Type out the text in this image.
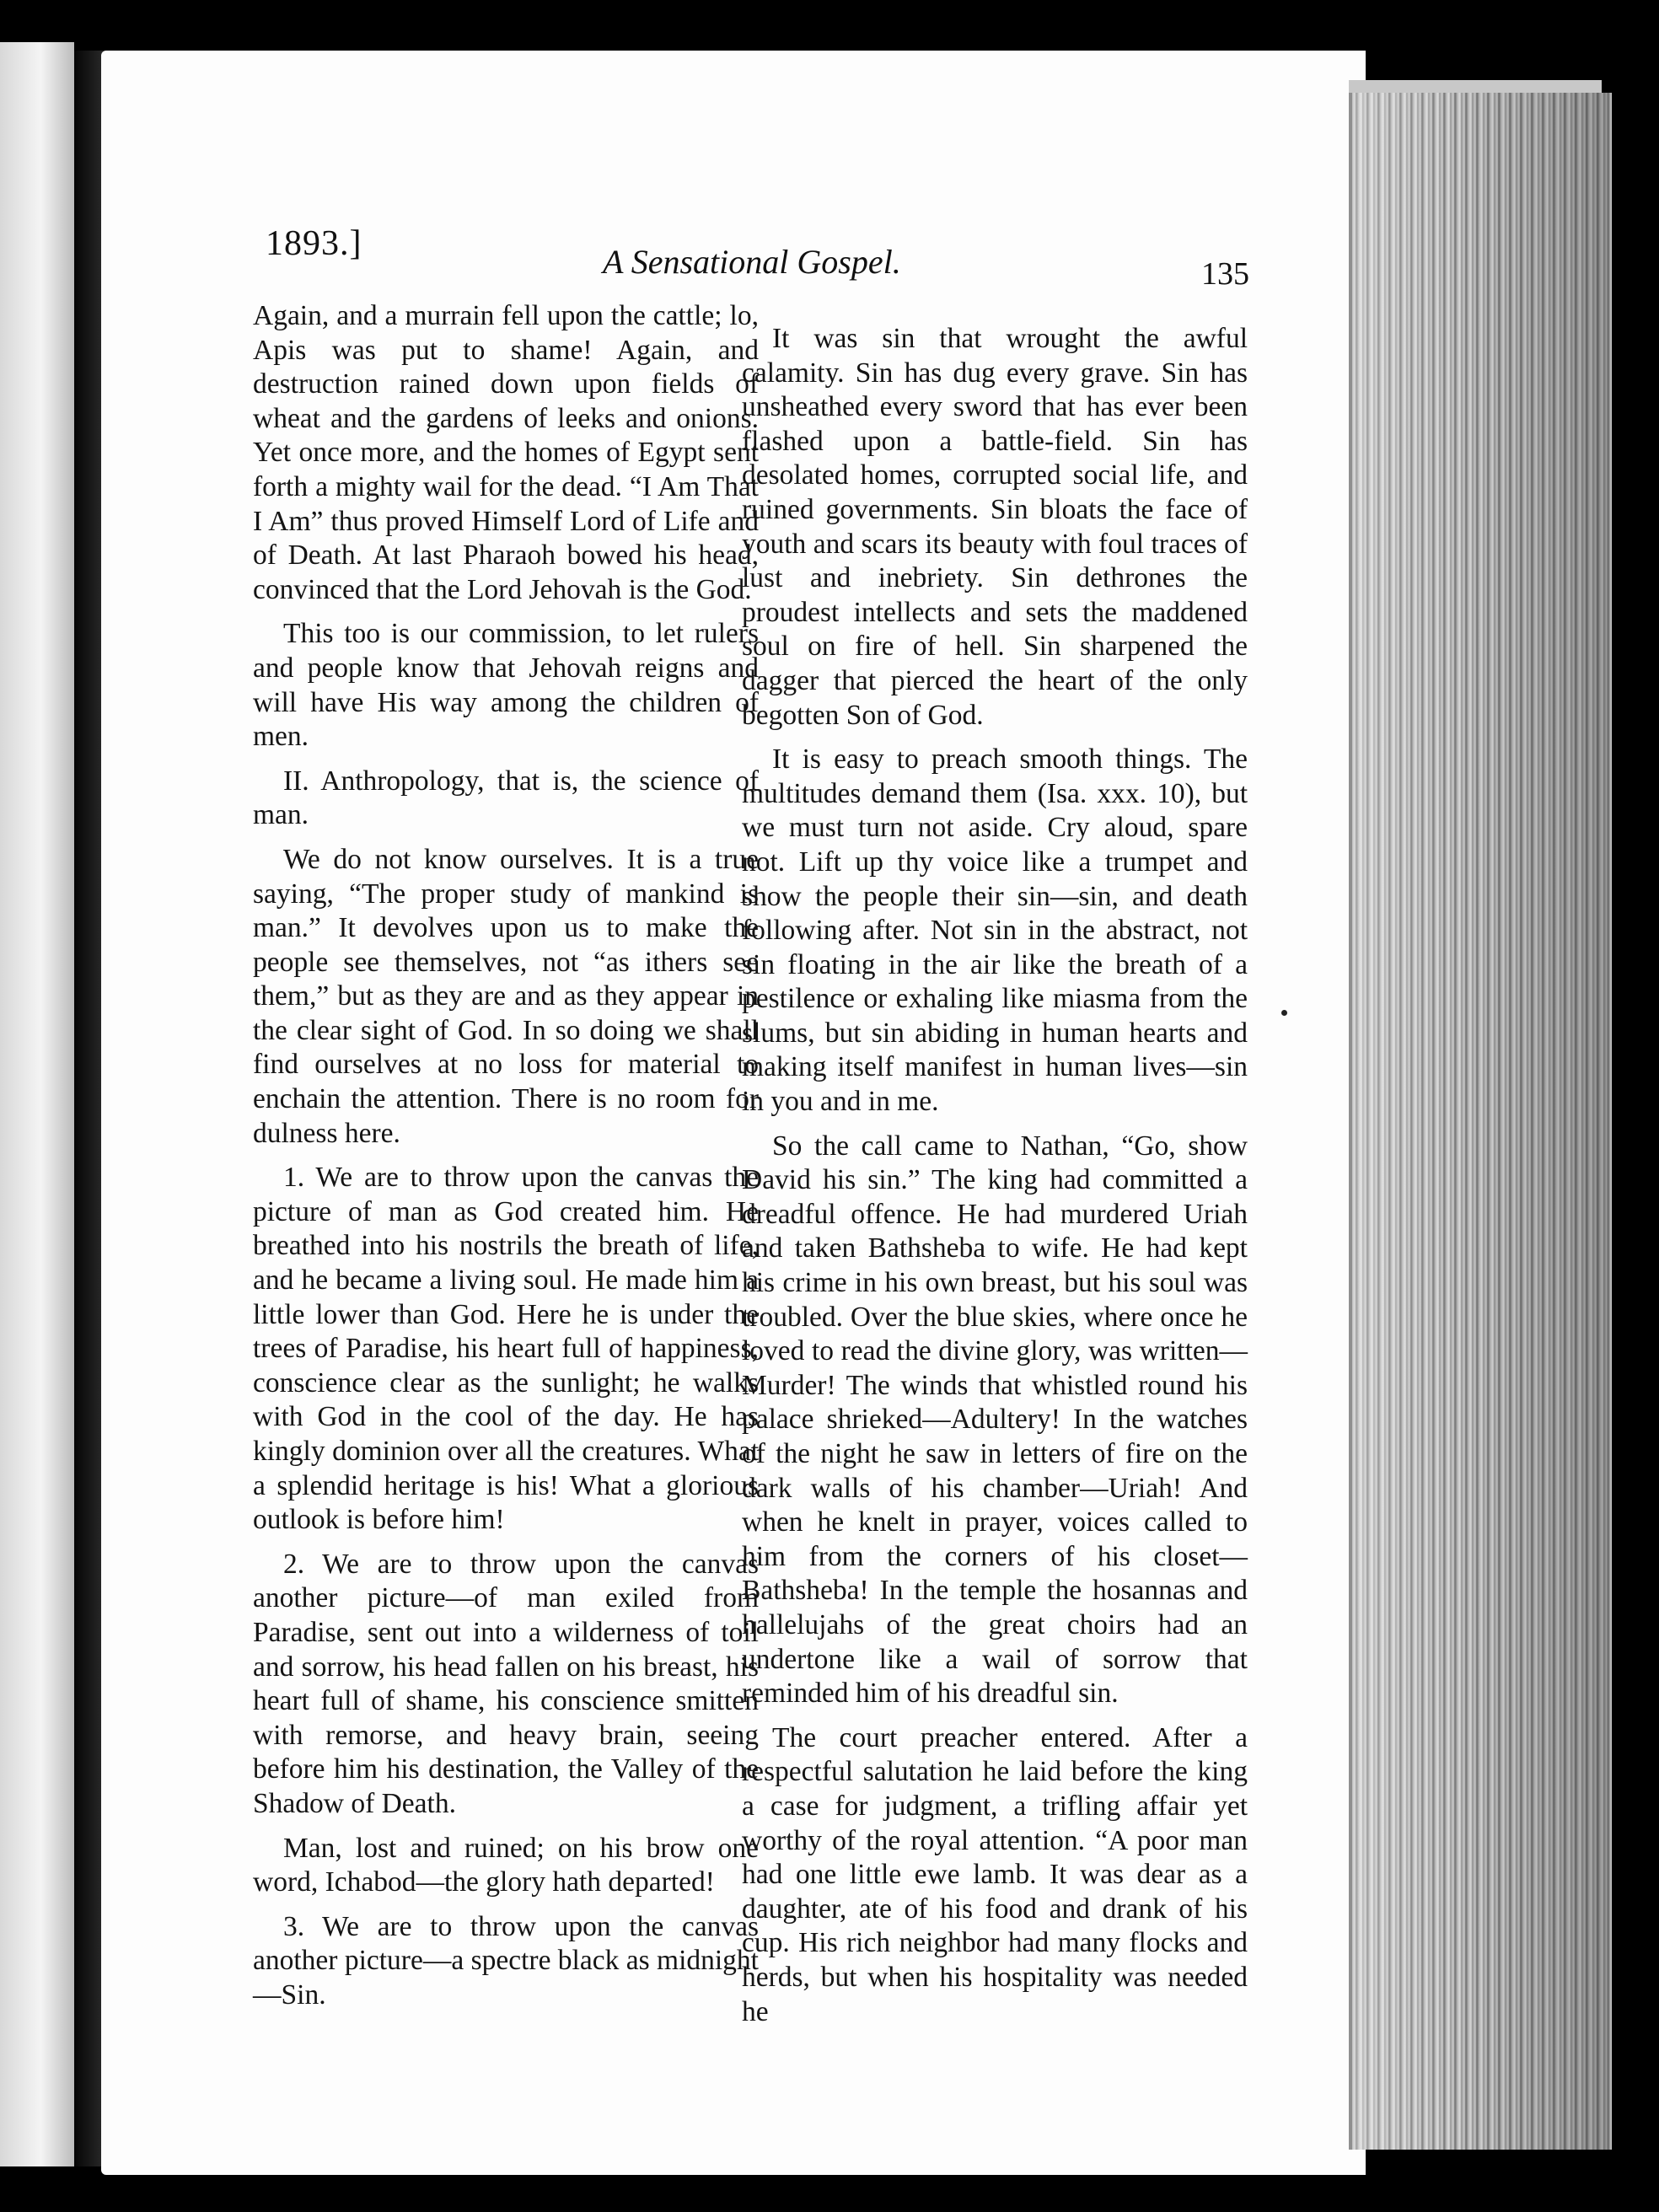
1893.]	A Sensational Gospel.	135

Again, and a murrain fell upon the cattle; lo, Apis was put to shame! Again, and destruction rained down upon fields of wheat and the gardens of leeks and onions. Yet once more, and the homes of Egypt sent forth a mighty wail for the dead. “I Am That I Am” thus proved Himself Lord of Life and of Death. At last Pharaoh bowed his head, convinced that the Lord Jehovah is the God.

This too is our commission, to let rulers and people know that Jehovah reigns and will have His way among the children of men.

II. Anthropology, that is, the science of man.

We do not know ourselves. It is a true saying, “The proper study of mankind is man.” It devolves upon us to make the people see themselves, not “as ithers see them,” but as they are and as they appear in the clear sight of God. In so doing we shall find ourselves at no loss for material to enchain the attention. There is no room for dulness here.

1. We are to throw upon the canvas the picture of man as God created him. He breathed into his nostrils the breath of life, and he became a living soul. He made him a little lower than God. Here he is under the trees of Paradise, his heart full of happiness, conscience clear as the sunlight; he walks with God in the cool of the day. He has kingly dominion over all the creatures. What a splendid heritage is his! What a glorious outlook is before him!

2. We are to throw upon the canvas another picture—of man exiled from Paradise, sent out into a wilderness of toil and sorrow, his head fallen on his breast, his heart full of shame, his conscience smitten with remorse, and heavy brain, seeing before him his destination, the Valley of the Shadow of Death.

Man, lost and ruined; on his brow one word, Ichabod—the glory hath departed!

3. We are to throw upon the canvas another picture—a spectre black as midnight—Sin.

It was sin that wrought the awful calamity. Sin has dug every grave. Sin has unsheathed every sword that has ever been flashed upon a battle-field. Sin has desolated homes, corrupted social life, and ruined governments. Sin bloats the face of youth and scars its beauty with foul traces of lust and inebriety. Sin dethrones the proudest intellects and sets the maddened soul on fire of hell. Sin sharpened the dagger that pierced the heart of the only begotten Son of God.

It is easy to preach smooth things. The multitudes demand them (Isa. xxx. 10), but we must turn not aside. Cry aloud, spare not. Lift up thy voice like a trumpet and show the people their sin—sin, and death following after. Not sin in the abstract, not sin floating in the air like the breath of a pestilence or exhaling like miasma from the slums, but sin abiding in human hearts and making itself manifest in human lives—sin in you and in me.

So the call came to Nathan, “Go, show David his sin.” The king had committed a dreadful offence. He had murdered Uriah and taken Bathsheba to wife. He had kept his crime in his own breast, but his soul was troubled. Over the blue skies, where once he loved to read the divine glory, was written—Murder! The winds that whistled round his palace shrieked—Adultery! In the watches of the night he saw in letters of fire on the dark walls of his chamber—Uriah! And when he knelt in prayer, voices called to him from the corners of his closet—Bathsheba! In the temple the hosannas and hallelujahs of the great choirs had an undertone like a wail of sorrow that reminded him of his dreadful sin.

The court preacher entered. After a respectful salutation he laid before the king a case for judgment, a trifling affair yet worthy of the royal attention. “A poor man had one little ewe lamb. It was dear as a daughter, ate of his food and drank of his cup. His rich neighbor had many flocks and herds, but when his hospitality was needed he
